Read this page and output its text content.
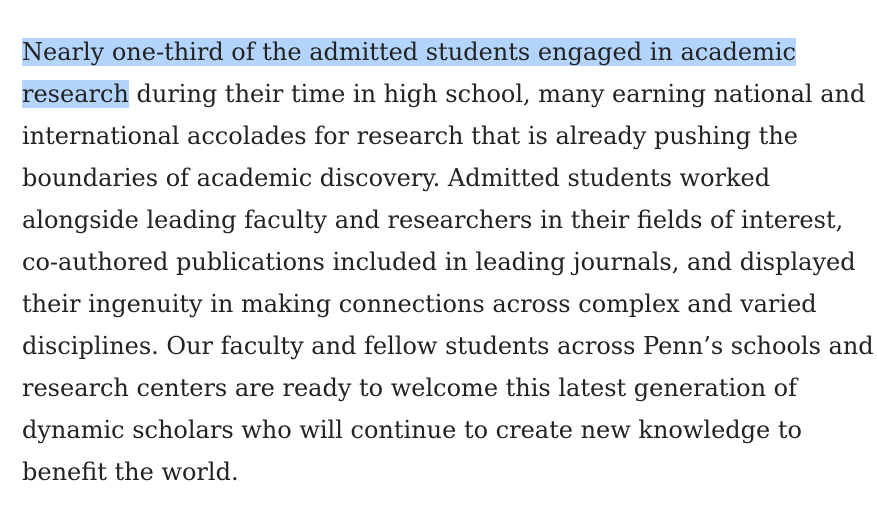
Nearly one-third of the admitted students engaged in academic
research during their time in high school, many earning national and
international accolades for research that is already pushing the
boundaries of academic discovery. Admitted students worked
alongside leading faculty and researchers in their fields of interest,
co-authored publications included in leading journals, and displayed
their ingenuity in making connections across complex and varied
disciplines. Our faculty and fellow students across Penn’s schools and
research centers are ready to welcome this latest generation of
dynamic scholars who will continue to create new knowledge to
benefit the world.
